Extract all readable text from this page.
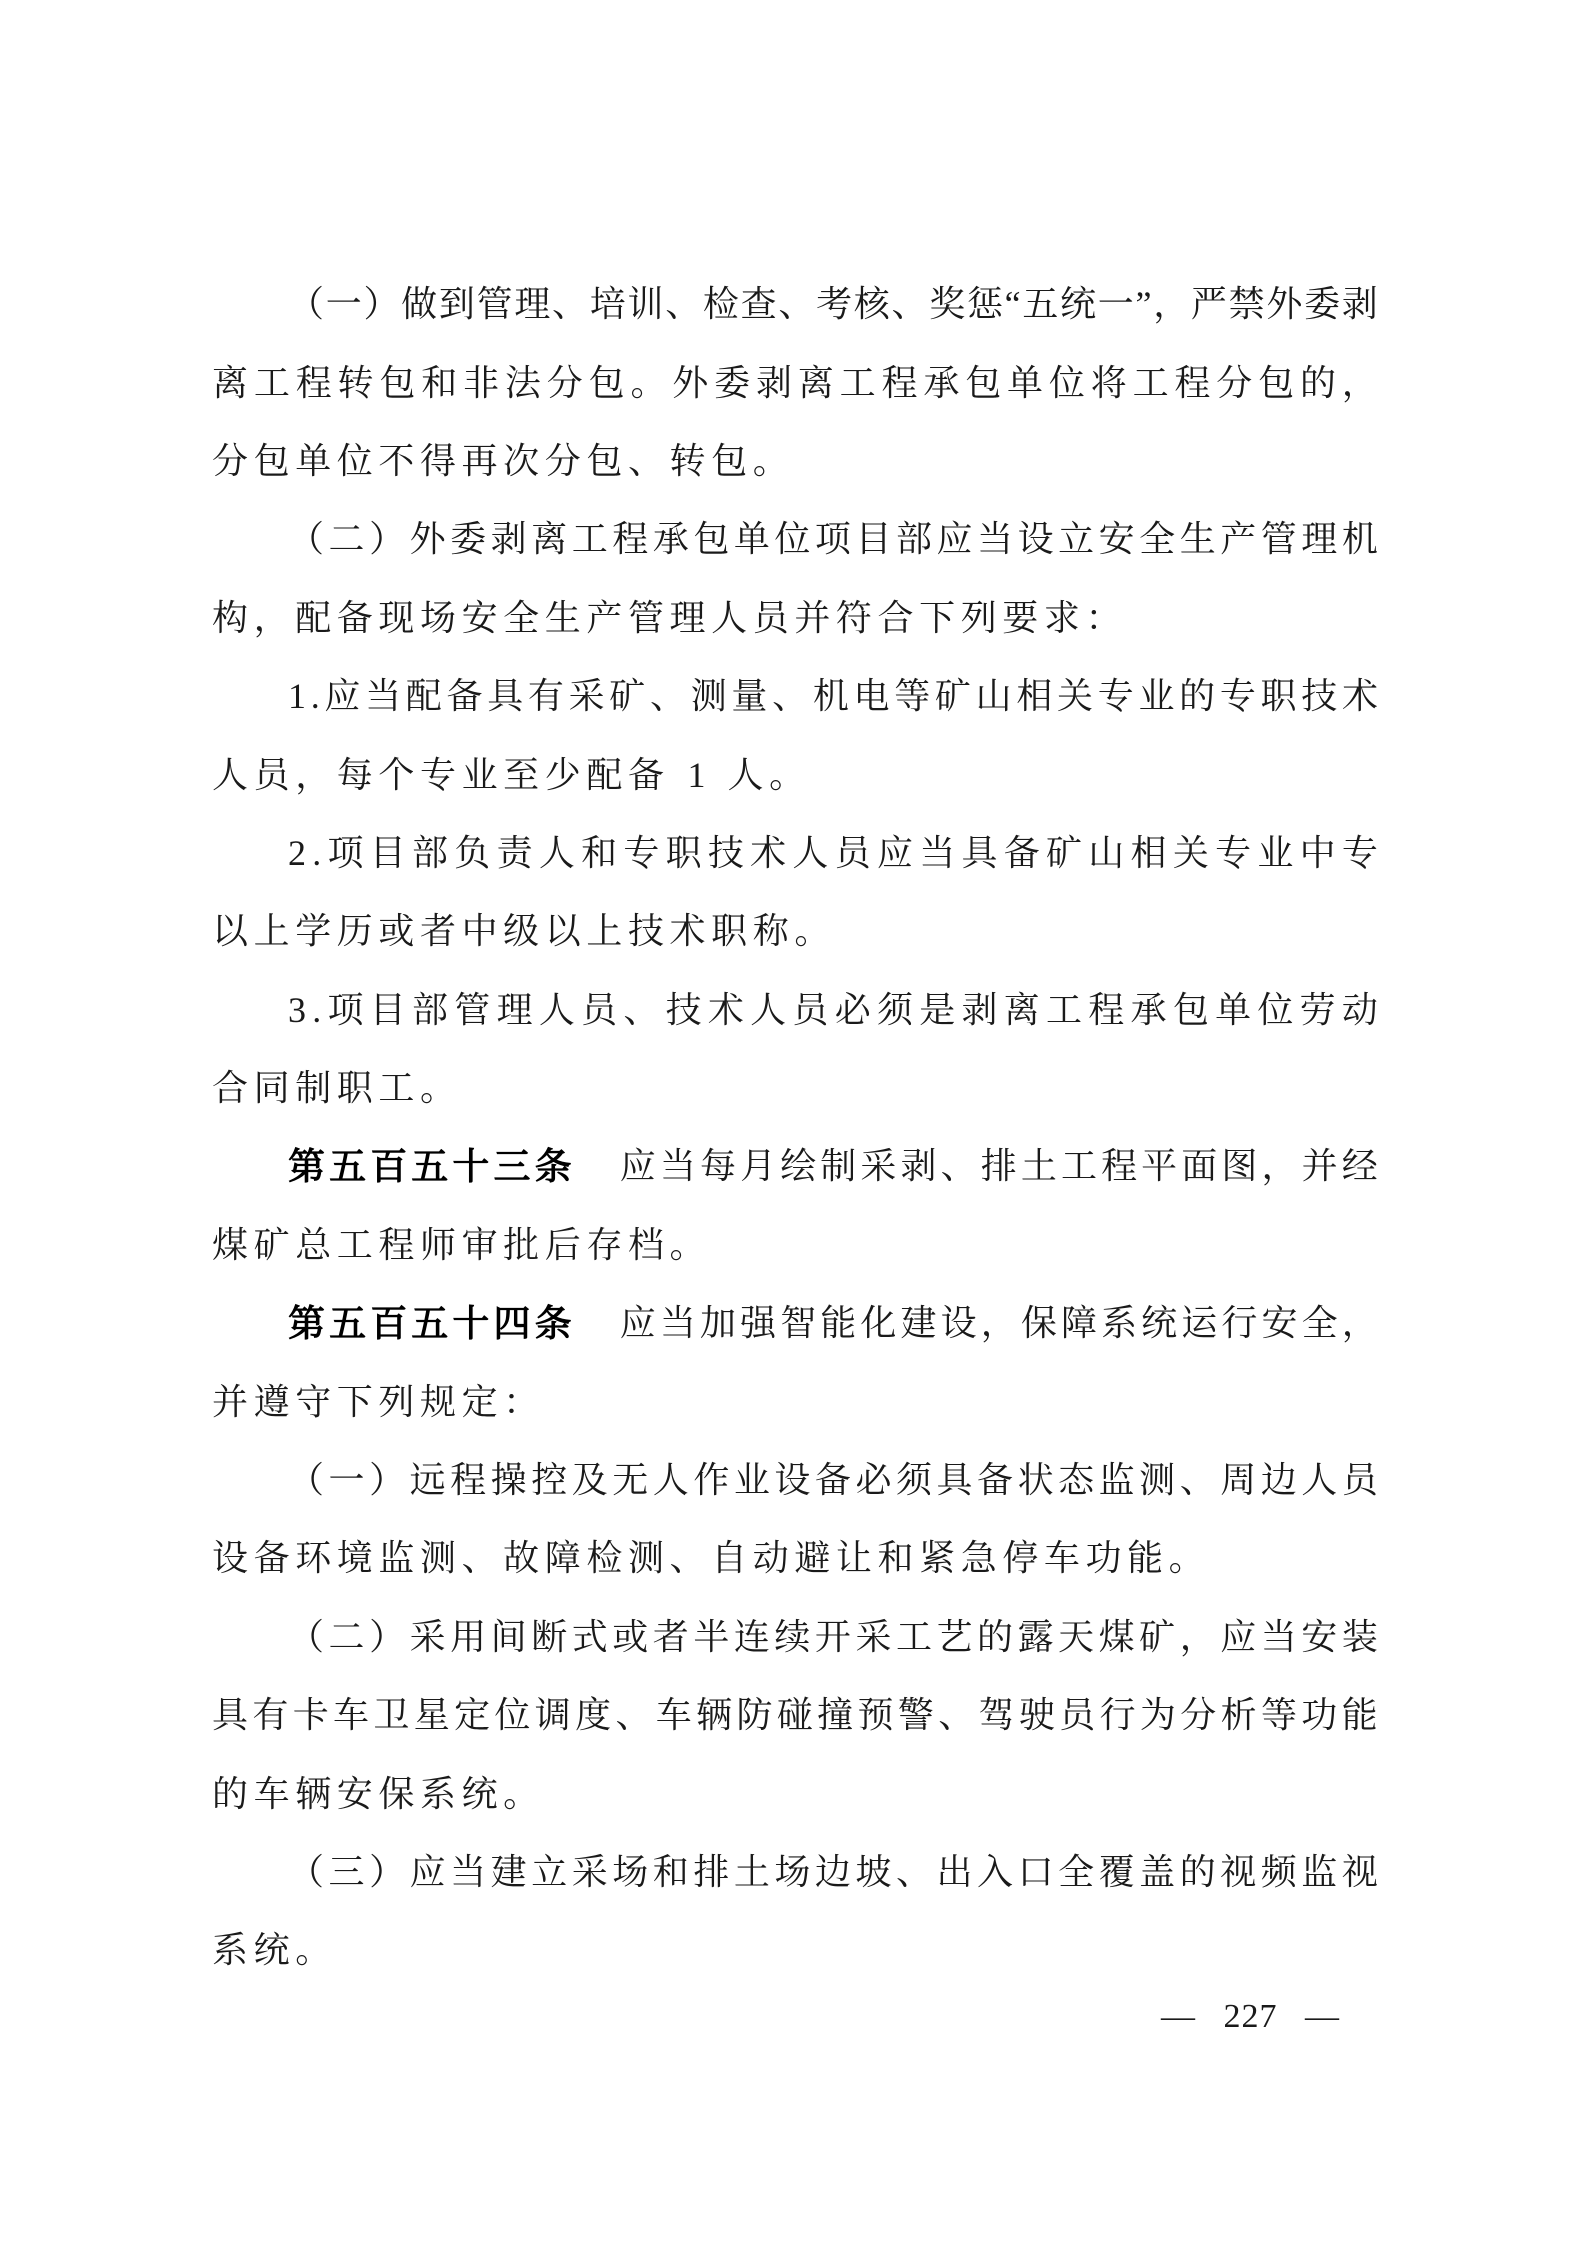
（ 一 ） 做 到 管 理 、 培 训 、 检 查 、 考 核 、 奖 惩 “ 五 统 一 ” ， 严 禁 外 委 剥
离 工 程 转 包 和 非 法 分 包 。 外 委 剥 离 工 程 承 包 单 位 将 工 程 分 包 的 ，
分 包 单 位 不 得 再 次 分 包 、 转 包 。
（ 二 ） 外 委 剥 离 工 程 承 包 单 位 项 目 部 应 当 设 立 安 全 生 产 管 理 机
构 ， 配 备 现 场 安 全 生 产 管 理 人 员 并 符 合 下 列 要 求 ：
1 . 应 当 配 备 具 有 采 矿 、 测 量 、 机 电 等 矿 山 相 关 专 业 的 专 职 技 术
人 员 ， 每 个 专 业 至 少 配 备 1 人 。
2 . 项 目 部 负 责 人 和 专 职 技 术 人 员 应 当 具 备 矿 山 相 关 专 业 中 专
以 上 学 历 或 者 中 级 以 上 技 术 职 称 。
3 . 项 目 部 管 理 人 员 、 技 术 人 员 必 须 是 剥 离 工 程 承 包 单 位 劳 动
合 同 制 职 工 。
第 五 百 五 十 三 条 应 当 每 月 绘 制 采 剥 、 排 土 工 程 平 面 图 ， 并 经
煤 矿 总 工 程 师 审 批 后 存 档 。
第 五 百 五 十 四 条 应 当 加 强 智 能 化 建 设 ， 保 障 系 统 运 行 安 全 ，
并 遵 守 下 列 规 定 ：
（ 一 ） 远 程 操 控 及 无 人 作 业 设 备 必 须 具 备 状 态 监 测 、 周 边 人 员
设 备 环 境 监 测 、 故 障 检 测 、 自 动 避 让 和 紧 急 停 车 功 能 。
（ 二 ） 采 用 间 断 式 或 者 半 连 续 开 采 工 艺 的 露 天 煤 矿 ， 应 当 安 装
具 有 卡 车 卫 星 定 位 调 度 、 车 辆 防 碰 撞 预 警 、 驾 驶 员 行 为 分 析 等 功 能
的 车 辆 安 保 系 统 。
（ 三 ） 应 当 建 立 采 场 和 排 土 场 边 坡 、 出 入 口 全 覆 盖 的 视 频 监 视
系 统 。
— 227 —
